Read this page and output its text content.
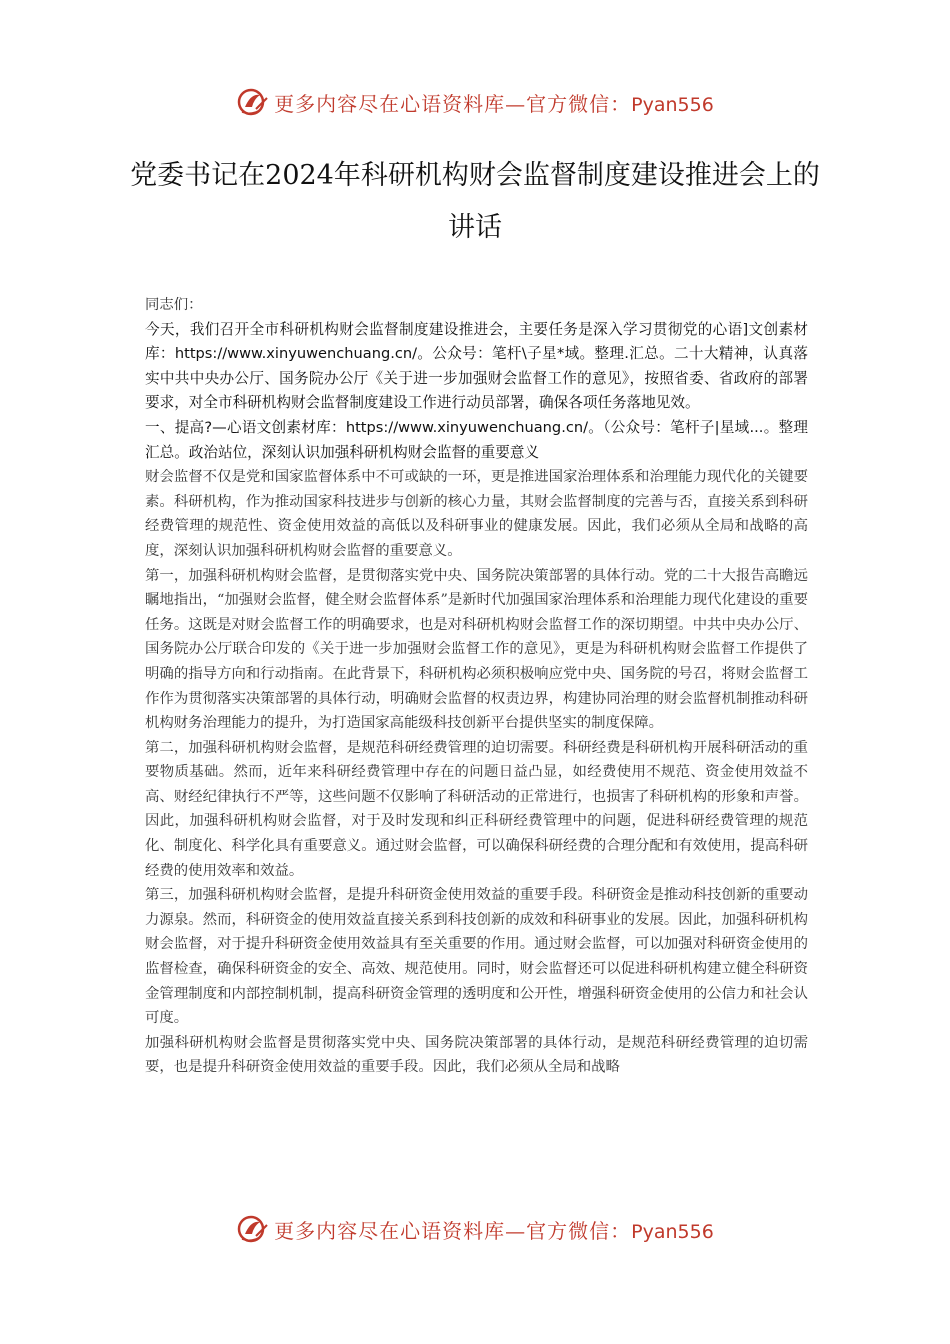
更多内容尽在心语资料库—官方微信：Pyan556
党委书记在2024年科研机构财会监督制度建设推进会上的讲话

同志们：

今天，我们召开全市科研机构财会监督制度建设推进会，主要任务是深入学习贯彻党的心语]文创素材库：https://www.xinyuwenchuang.cn/。公众号：笔杆\子星*域。整理.汇总。二十大精神，认真落实中共中央办公厅、国务院办公厅《关于进一步加强财会监督工作的意见》，按照省委、省政府的部署要求，对全市科研机构财会监督制度建设工作进行动员部署，确保各项任务落地见效。

一、提高?—心语文创素材库：https://www.xinyuwenchuang.cn/。（公众号：笔杆子|星域...。整理汇总。政治站位，深刻认识加强科研机构财会监督的重要意义

财会监督不仅是党和国家监督体系中不可或缺的一环，更是推进国家治理体系和治理能力现代化的关键要素。科研机构，作为推动国家科技进步与创新的核心力量，其财会监督制度的完善与否，直接关系到科研经费管理的规范性、资金使用效益的高低以及科研事业的健康发展。因此，我们必须从全局和战略的高度，深刻认识加强科研机构财会监督的重要意义。

第一，加强科研机构财会监督，是贯彻落实党中央、国务院决策部署的具体行动。党的二十大报告高瞻远瞩地指出，“加强财会监督，健全财会监督体系”是新时代加强国家治理体系和治理能力现代化建设的重要任务。这既是对财会监督工作的明确要求，也是对科研机构财会监督工作的深切期望。中共中央办公厅、国务院办公厅联合印发的《关于进一步加强财会监督工作的意见》，更是为科研机构财会监督工作提供了明确的指导方向和行动指南。在此背景下，科研机构必须积极响应党中央、国务院的号召，将财会监督工作作为贯彻落实决策部署的具体行动，明确财会监督的权责边界，构建协同治理的财会监督机制推动科研机构财务治理能力的提升，为打造国家高能级科技创新平台提供坚实的制度保障。

第二，加强科研机构财会监督，是规范科研经费管理的迫切需要。科研经费是科研机构开展科研活动的重要物质基础。然而，近年来科研经费管理中存在的问题日益凸显，如经费使用不规范、资金使用效益不高、财经纪律执行不严等，这些问题不仅影响了科研活动的正常进行，也损害了科研机构的形象和声誉。因此，加强科研机构财会监督，对于及时发现和纠正科研经费管理中的问题，促进科研经费管理的规范化、制度化、科学化具有重要意义。通过财会监督，可以确保科研经费的合理分配和有效使用，提高科研经费的使用效率和效益。

第三，加强科研机构财会监督，是提升科研资金使用效益的重要手段。科研资金是推动科技创新的重要动力源泉。然而，科研资金的使用效益直接关系到科技创新的成效和科研事业的发展。因此，加强科研机构财会监督，对于提升科研资金使用效益具有至关重要的作用。通过财会监督，可以加强对科研资金使用的监督检查，确保科研资金的安全、高效、规范使用。同时，财会监督还可以促进科研机构建立健全科研资金管理制度和内部控制机制，提高科研资金管理的透明度和公开性，增强科研资金使用的公信力和社会认可度。

加强科研机构财会监督是贯彻落实党中央、国务院决策部署的具体行动，是规范科研经费管理的迫切需要，也是提升科研资金使用效益的重要手段。因此，我们必须从全局和战略

更多内容尽在心语资料库—官方微信：Pyan556
